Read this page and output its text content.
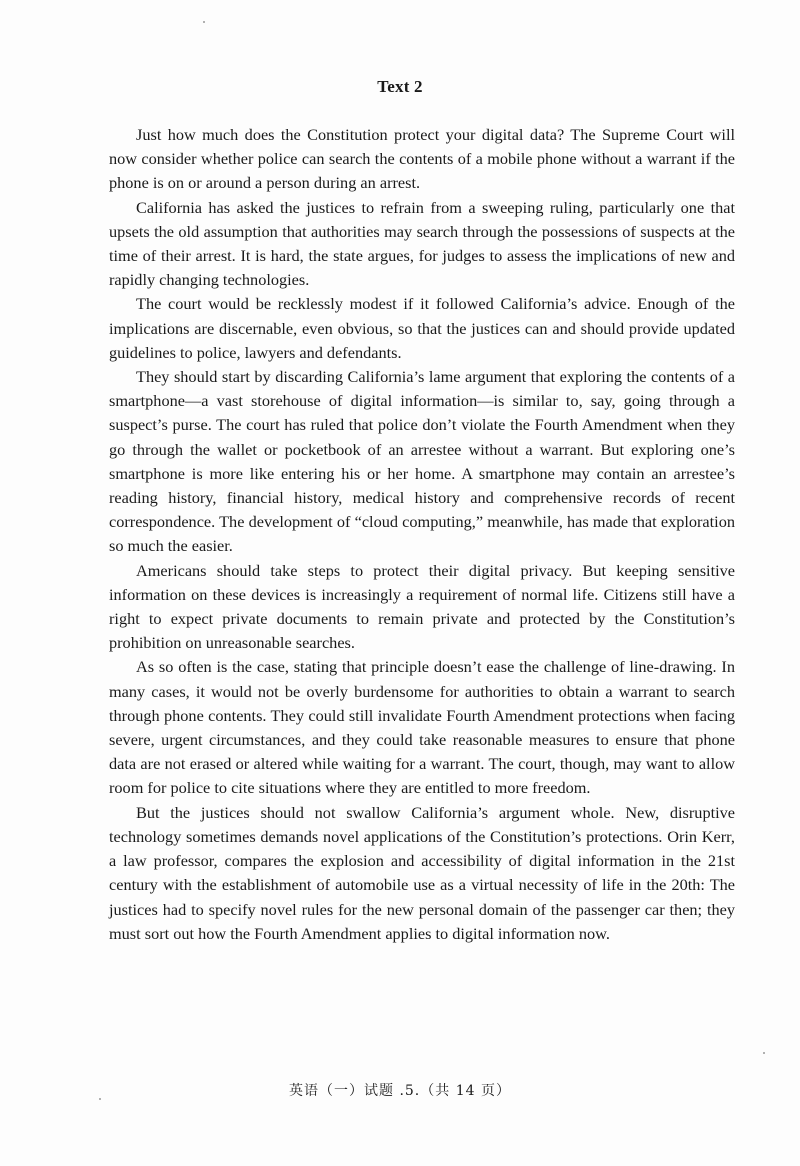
Text 2

Just how much does the Constitution protect your digital data? The Supreme Court will now consider whether police can search the contents of a mobile phone without a warrant if the phone is on or around a person during an arrest.

California has asked the justices to refrain from a sweeping ruling, particularly one that upsets the old assumption that authorities may search through the possessions of suspects at the time of their arrest. It is hard, the state argues, for judges to assess the implications of new and rapidly changing technologies.

The court would be recklessly modest if it followed California’s advice. Enough of the implications are discernable, even obvious, so that the justices can and should provide updated guidelines to police, lawyers and defendants.

They should start by discarding California’s lame argument that exploring the contents of a smartphone—a vast storehouse of digital information—is similar to, say, going through a suspect’s purse. The court has ruled that police don’t violate the Fourth Amendment when they go through the wallet or pocketbook of an arrestee without a warrant. But exploring one’s smartphone is more like entering his or her home. A smartphone may contain an arrestee’s reading history, financial history, medical history and comprehensive records of recent correspondence. The development of “cloud computing,” meanwhile, has made that exploration so much the easier.

Americans should take steps to protect their digital privacy. But keeping sensitive information on these devices is increasingly a requirement of normal life. Citizens still have a right to expect private documents to remain private and protected by the Constitution’s prohibition on unreasonable searches.

As so often is the case, stating that principle doesn’t ease the challenge of line-drawing. In many cases, it would not be overly burdensome for authorities to obtain a warrant to search through phone contents. They could still invalidate Fourth Amendment protections when facing severe, urgent circumstances, and they could take reasonable measures to ensure that phone data are not erased or altered while waiting for a warrant. The court, though, may want to allow room for police to cite situations where they are entitled to more freedom.

But the justices should not swallow California’s argument whole. New, disruptive technology sometimes demands novel applications of the Constitution’s protections. Orin Kerr, a law professor, compares the explosion and accessibility of digital information in the 21st century with the establishment of automobile use as a virtual necessity of life in the 20th: The justices had to specify novel rules for the new personal domain of the passenger car then; they must sort out how the Fourth Amendment applies to digital information now.

英语（一）试题 .5.（共 14 页）
